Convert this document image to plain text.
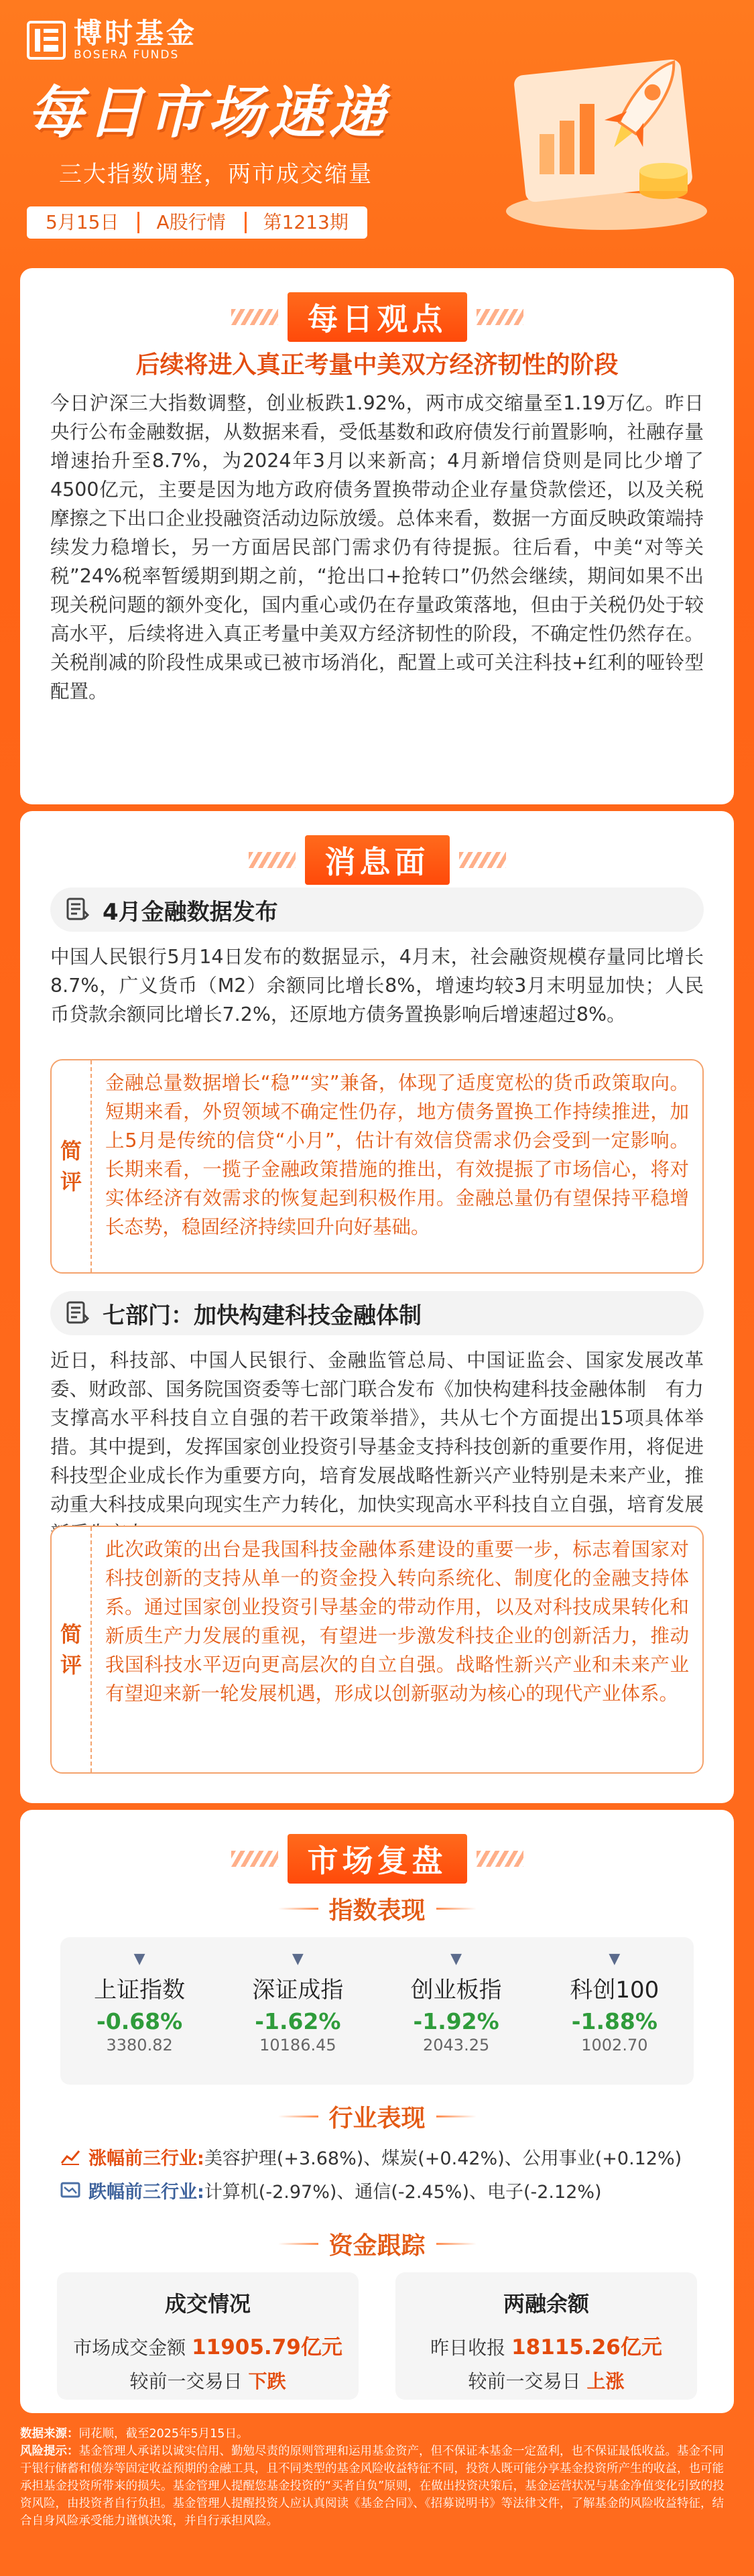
博时基金
BOSERA FUNDS
每日市场速递
三大指数调整，两市成交缩量
5月15日	A股行情	第1213期
每日观点
后续将进入真正考量中美双方经济韧性的阶段
今日沪深三大指数调整，创业板跌1.92%，两市成交缩量至1.19万亿。昨日央行公布金融数据，从数据来看，受低基数和政府债发行前置影响，社融存量增速抬升至8.7%，为2024年3月以来新高；4月新增信贷则是同比少增了4500亿元，主要是因为地方政府债务置换带动企业存量贷款偿还，以及关税摩擦之下出口企业投融资活动边际放缓。总体来看，数据一方面反映政策端持续发力稳增长，另一方面居民部门需求仍有待提振。往后看，中美“对等关税”24%税率暂缓期到期之前，“抢出口+抢转口”仍然会继续，期间如果不出现关税问题的额外变化，国内重心或仍在存量政策落地，但由于关税仍处于较高水平，后续将进入真正考量中美双方经济韧性的阶段，不确定性仍然存在。关税削减的阶段性成果或已被市场消化，配置上或可关注科技+红利的哑铃型配置。
消息面
4月金融数据发布
中国人民银行5月14日发布的数据显示，4月末，社会融资规模存量同比增长8.7%，广义货币（M2）余额同比增长8%，增速均较3月末明显加快；人民币贷款余额同比增长7.2%，还原地方债务置换影响后增速超过8%。
简
评
金融总量数据增长“稳”“实”兼备，体现了适度宽松的货币政策取向。短期来看，外贸领域不确定性仍存，地方债务置换工作持续推进，加上5月是传统的信贷“小月”，估计有效信贷需求仍会受到一定影响。长期来看，一揽子金融政策措施的推出，有效提振了市场信心，将对实体经济有效需求的恢复起到积极作用。金融总量仍有望保持平稳增长态势，稳固经济持续回升向好基础。
七部门：加快构建科技金融体制
近日，科技部、中国人民银行、金融监管总局、中国证监会、国家发展改革委、财政部、国务院国资委等七部门联合发布《加快构建科技金融体制　有力支撑高水平科技自立自强的若干政策举措》，共从七个方面提出15项具体举措。其中提到，发挥国家创业投资引导基金支持科技创新的重要作用，将促进科技型企业成长作为重要方向，培育发展战略性新兴产业特别是未来产业，推动重大科技成果向现实生产力转化，加快实现高水平科技自立自强，培育发展
简
评
此次政策的出台是我国科技金融体系建设的重要一步，标志着国家对科技创新的支持从单一的资金投入转向系统化、制度化的金融支持体系。通过国家创业投资引导基金的带动作用，以及对科技成果转化和新质生产力发展的重视，有望进一步激发科技企业的创新活力，推动我国科技水平迈向更高层次的自立自强。战略性新兴产业和未来产业有望迎来新一轮发展机遇，形成以创新驱动为核心的现代产业体系。
市场复盘
指数表现
▼
上证指数
-0.68%
3380.82
▼
深证成指
-1.62%
10186.45
▼
创业板指
-1.92%
2043.25
▼
科创100
-1.88%
1002.70
行业表现
涨幅前三行业: 美容护理(+3.68%)、煤炭(+0.42%)、公用事业(+0.12%)
跌幅前三行业: 计算机(-2.97%)、通信(-2.45%)、电子(-2.12%)
资金跟踪
成交情况
市场成交金额 11905.79亿元
较前一交易日 下跌
两融余额
昨日收报 18115.26亿元
较前一交易日 上涨
数据来源：同花顺，截至2025年5月15日。
风险提示：基金管理人承诺以诚实信用、勤勉尽责的原则管理和运用基金资产，但不保证本基金一定盈利，也不保证最低收益。基金不同于银行储蓄和债券等固定收益预期的金融工具，且不同类型的基金风险收益特征不同，投资人既可能分享基金投资所产生的收益，也可能承担基金投资所带来的损失。基金管理人提醒您基金投资的“买者自负”原则，在做出投资决策后，基金运营状况与基金净值变化引致的投资风险，由投资者自行负担。基金管理人提醒投资人应认真阅读《基金合同》、《招募说明书》等法律文件，了解基金的风险收益特征，结合自身风险承受能力谨慎决策，并自行承担风险。
